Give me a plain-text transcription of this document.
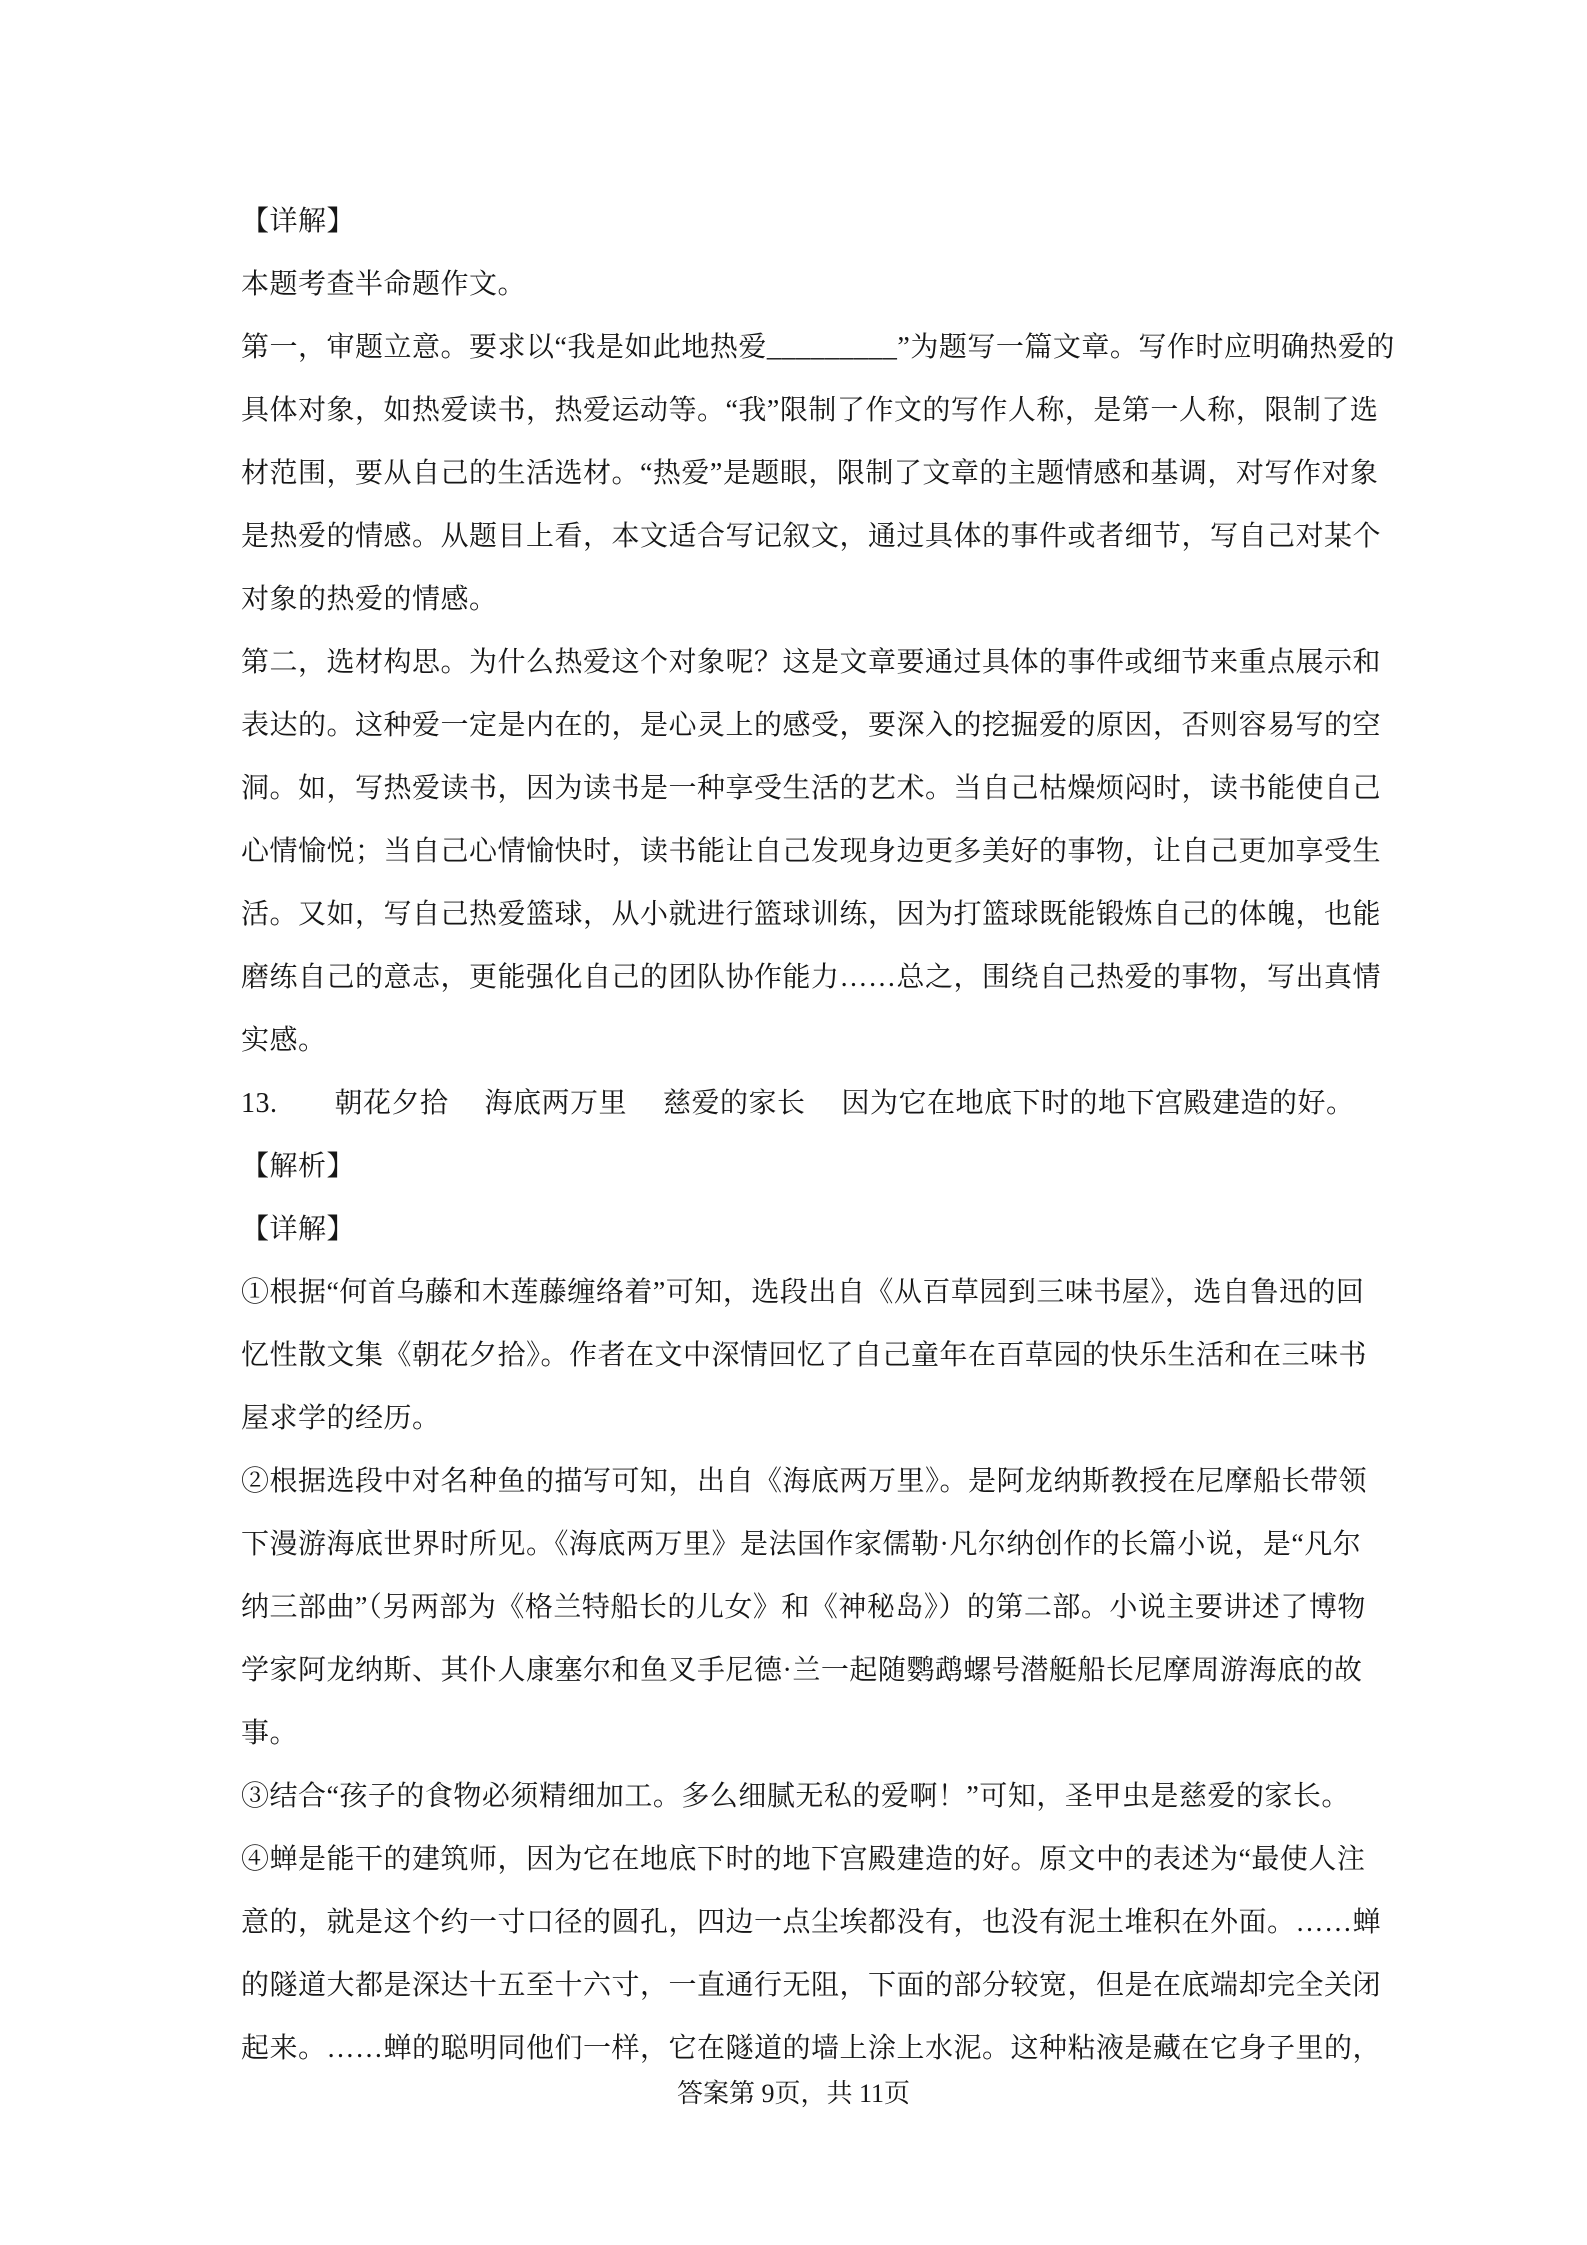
【详解】
本题考查半命题作文。
第一，审题立意。要求以“我是如此地热爱_________”为题写一篇文章。写作时应明确热爱的
具体对象，如热爱读书，热爱运动等。“我”限制了作文的写作人称，是第一人称，限制了选
材范围，要从自己的生活选材。“热爱”是题眼，限制了文章的主题情感和基调，对写作对象
是热爱的情感。从题目上看，本文适合写记叙文，通过具体的事件或者细节，写自己对某个
对象的热爱的情感。
第二，选材构思。为什么热爱这个对象呢？这是文章要通过具体的事件或细节来重点展示和
表达的。这种爱一定是内在的，是心灵上的感受，要深入的挖掘爱的原因，否则容易写的空
洞。如，写热爱读书，因为读书是一种享受生活的艺术。当自己枯燥烦闷时，读书能使自己
心情愉悦；当自己心情愉快时，读书能让自己发现身边更多美好的事物，让自己更加享受生
活。又如，写自己热爱篮球，从小就进行篮球训练，因为打篮球既能锻炼自己的体魄，也能
磨练自己的意志，更能强化自己的团队协作能力……总之，围绕自己热爱的事物，写出真情
实感。
13.　　朝花夕拾　 海底两万里　 慈爱的家长　 因为它在地底下时的地下宫殿建造的好。
【解析】
【详解】
①根据“何首乌藤和木莲藤缠络着”可知，选段出自《从百草园到三味书屋》，选自鲁迅的回
忆性散文集《朝花夕拾》。作者在文中深情回忆了自己童年在百草园的快乐生活和在三味书
屋求学的经历。
②根据选段中对名种鱼的描写可知，出自《海底两万里》。是阿龙纳斯教授在尼摩船长带领
下漫游海底世界时所见。《海底两万里》是法国作家儒勒·凡尔纳创作的长篇小说，是“凡尔
纳三部曲”（另两部为《格兰特船长的儿女》和《神秘岛》）的第二部。小说主要讲述了博物
学家阿龙纳斯、其仆人康塞尔和鱼叉手尼德·兰一起随鹦鹉螺号潜艇船长尼摩周游海底的故
事。
③结合“孩子的食物必须精细加工。多么细腻无私的爱啊！”可知，圣甲虫是慈爱的家长。
④蝉是能干的建筑师，因为它在地底下时的地下宫殿建造的好。原文中的表述为“最使人注
意的，就是这个约一寸口径的圆孔，四边一点尘埃都没有，也没有泥土堆积在外面。……蝉
的隧道大都是深达十五至十六寸，一直通行无阻，下面的部分较宽，但是在底端却完全关闭
起来。……蝉的聪明同他们一样，它在隧道的墙上涂上水泥。这种粘液是藏在它身子里的，
答案第 9页，共 11页
